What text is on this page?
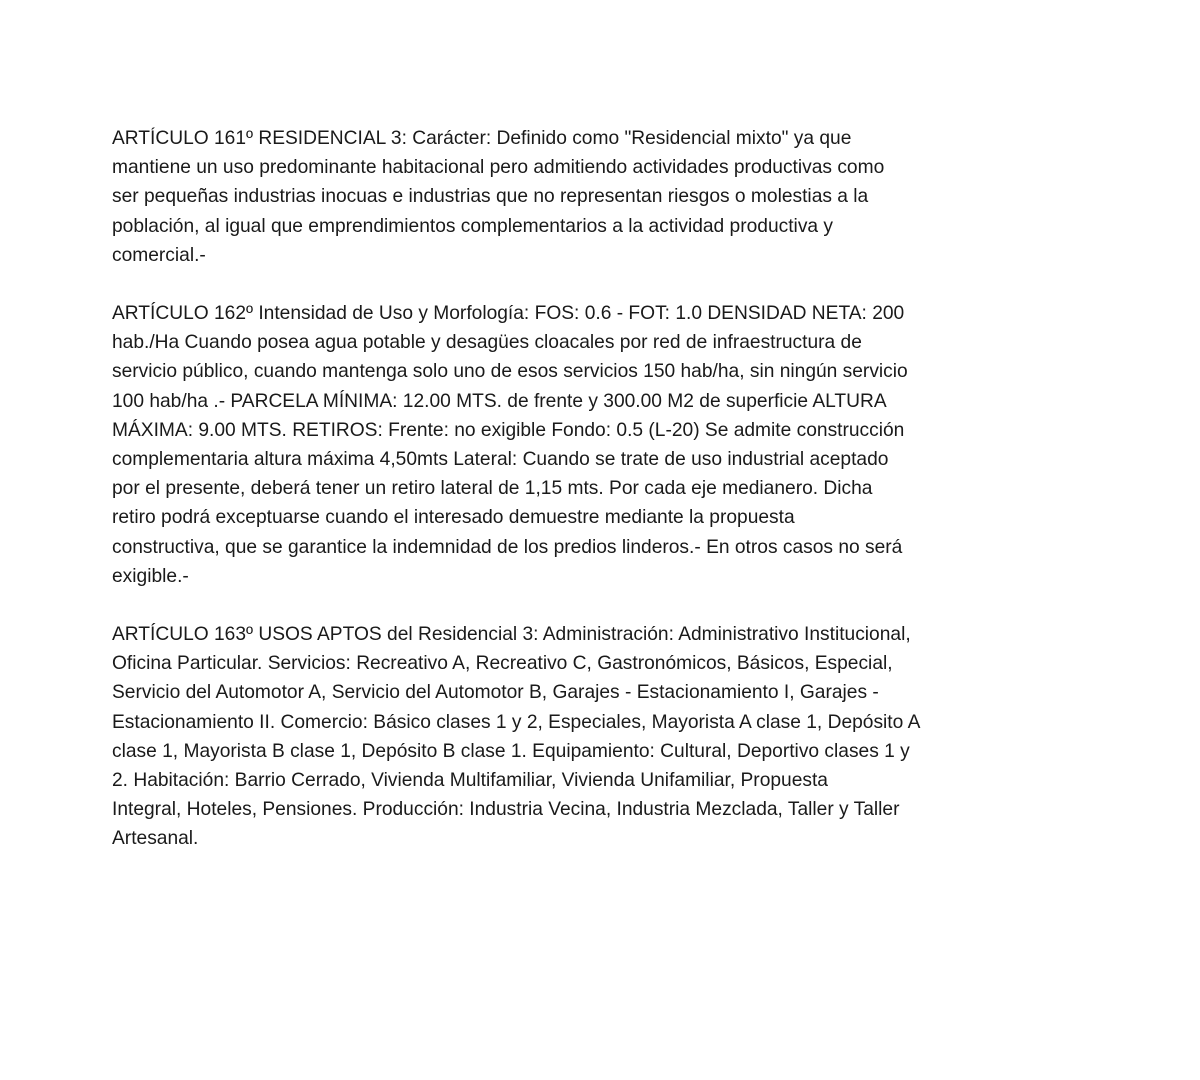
ARTÍCULO 161º RESIDENCIAL 3: Carácter: Definido como "Residencial mixto" ya que
mantiene un uso predominante habitacional pero admitiendo actividades productivas como
ser pequeñas industrias inocuas e industrias que no representan riesgos o molestias a la
población, al igual que emprendimientos complementarios a la actividad productiva y
comercial.-
ARTÍCULO 162º Intensidad de Uso y Morfología: FOS: 0.6 - FOT: 1.0 DENSIDAD NETA: 200
hab./Ha Cuando posea agua potable y desagües cloacales por red de infraestructura de
servicio público, cuando mantenga solo uno de esos servicios 150 hab/ha, sin ningún servicio
100 hab/ha .- PARCELA MÍNIMA: 12.00 MTS. de frente y 300.00 M2 de superficie ALTURA
MÁXIMA: 9.00 MTS. RETIROS: Frente: no exigible Fondo: 0.5 (L-20) Se admite construcción
complementaria altura máxima 4,50mts Lateral: Cuando se trate de uso industrial aceptado
por el presente, deberá tener un retiro lateral de 1,15 mts. Por cada eje medianero. Dicha
retiro podrá exceptuarse cuando el interesado demuestre mediante la propuesta
constructiva, que se garantice la indemnidad de los predios linderos.- En otros casos no será
exigible.-
ARTÍCULO 163º USOS APTOS del Residencial 3: Administración: Administrativo Institucional,
Oficina Particular. Servicios: Recreativo A, Recreativo C, Gastronómicos, Básicos, Especial,
Servicio del Automotor A, Servicio del Automotor B, Garajes - Estacionamiento I, Garajes -
Estacionamiento II. Comercio: Básico clases 1 y 2, Especiales, Mayorista A clase 1, Depósito A
clase 1, Mayorista B clase 1, Depósito B clase 1. Equipamiento: Cultural, Deportivo clases 1 y
2. Habitación: Barrio Cerrado, Vivienda Multifamiliar, Vivienda Unifamiliar, Propuesta
Integral, Hoteles, Pensiones. Producción: Industria Vecina, Industria Mezclada, Taller y Taller
Artesanal.
